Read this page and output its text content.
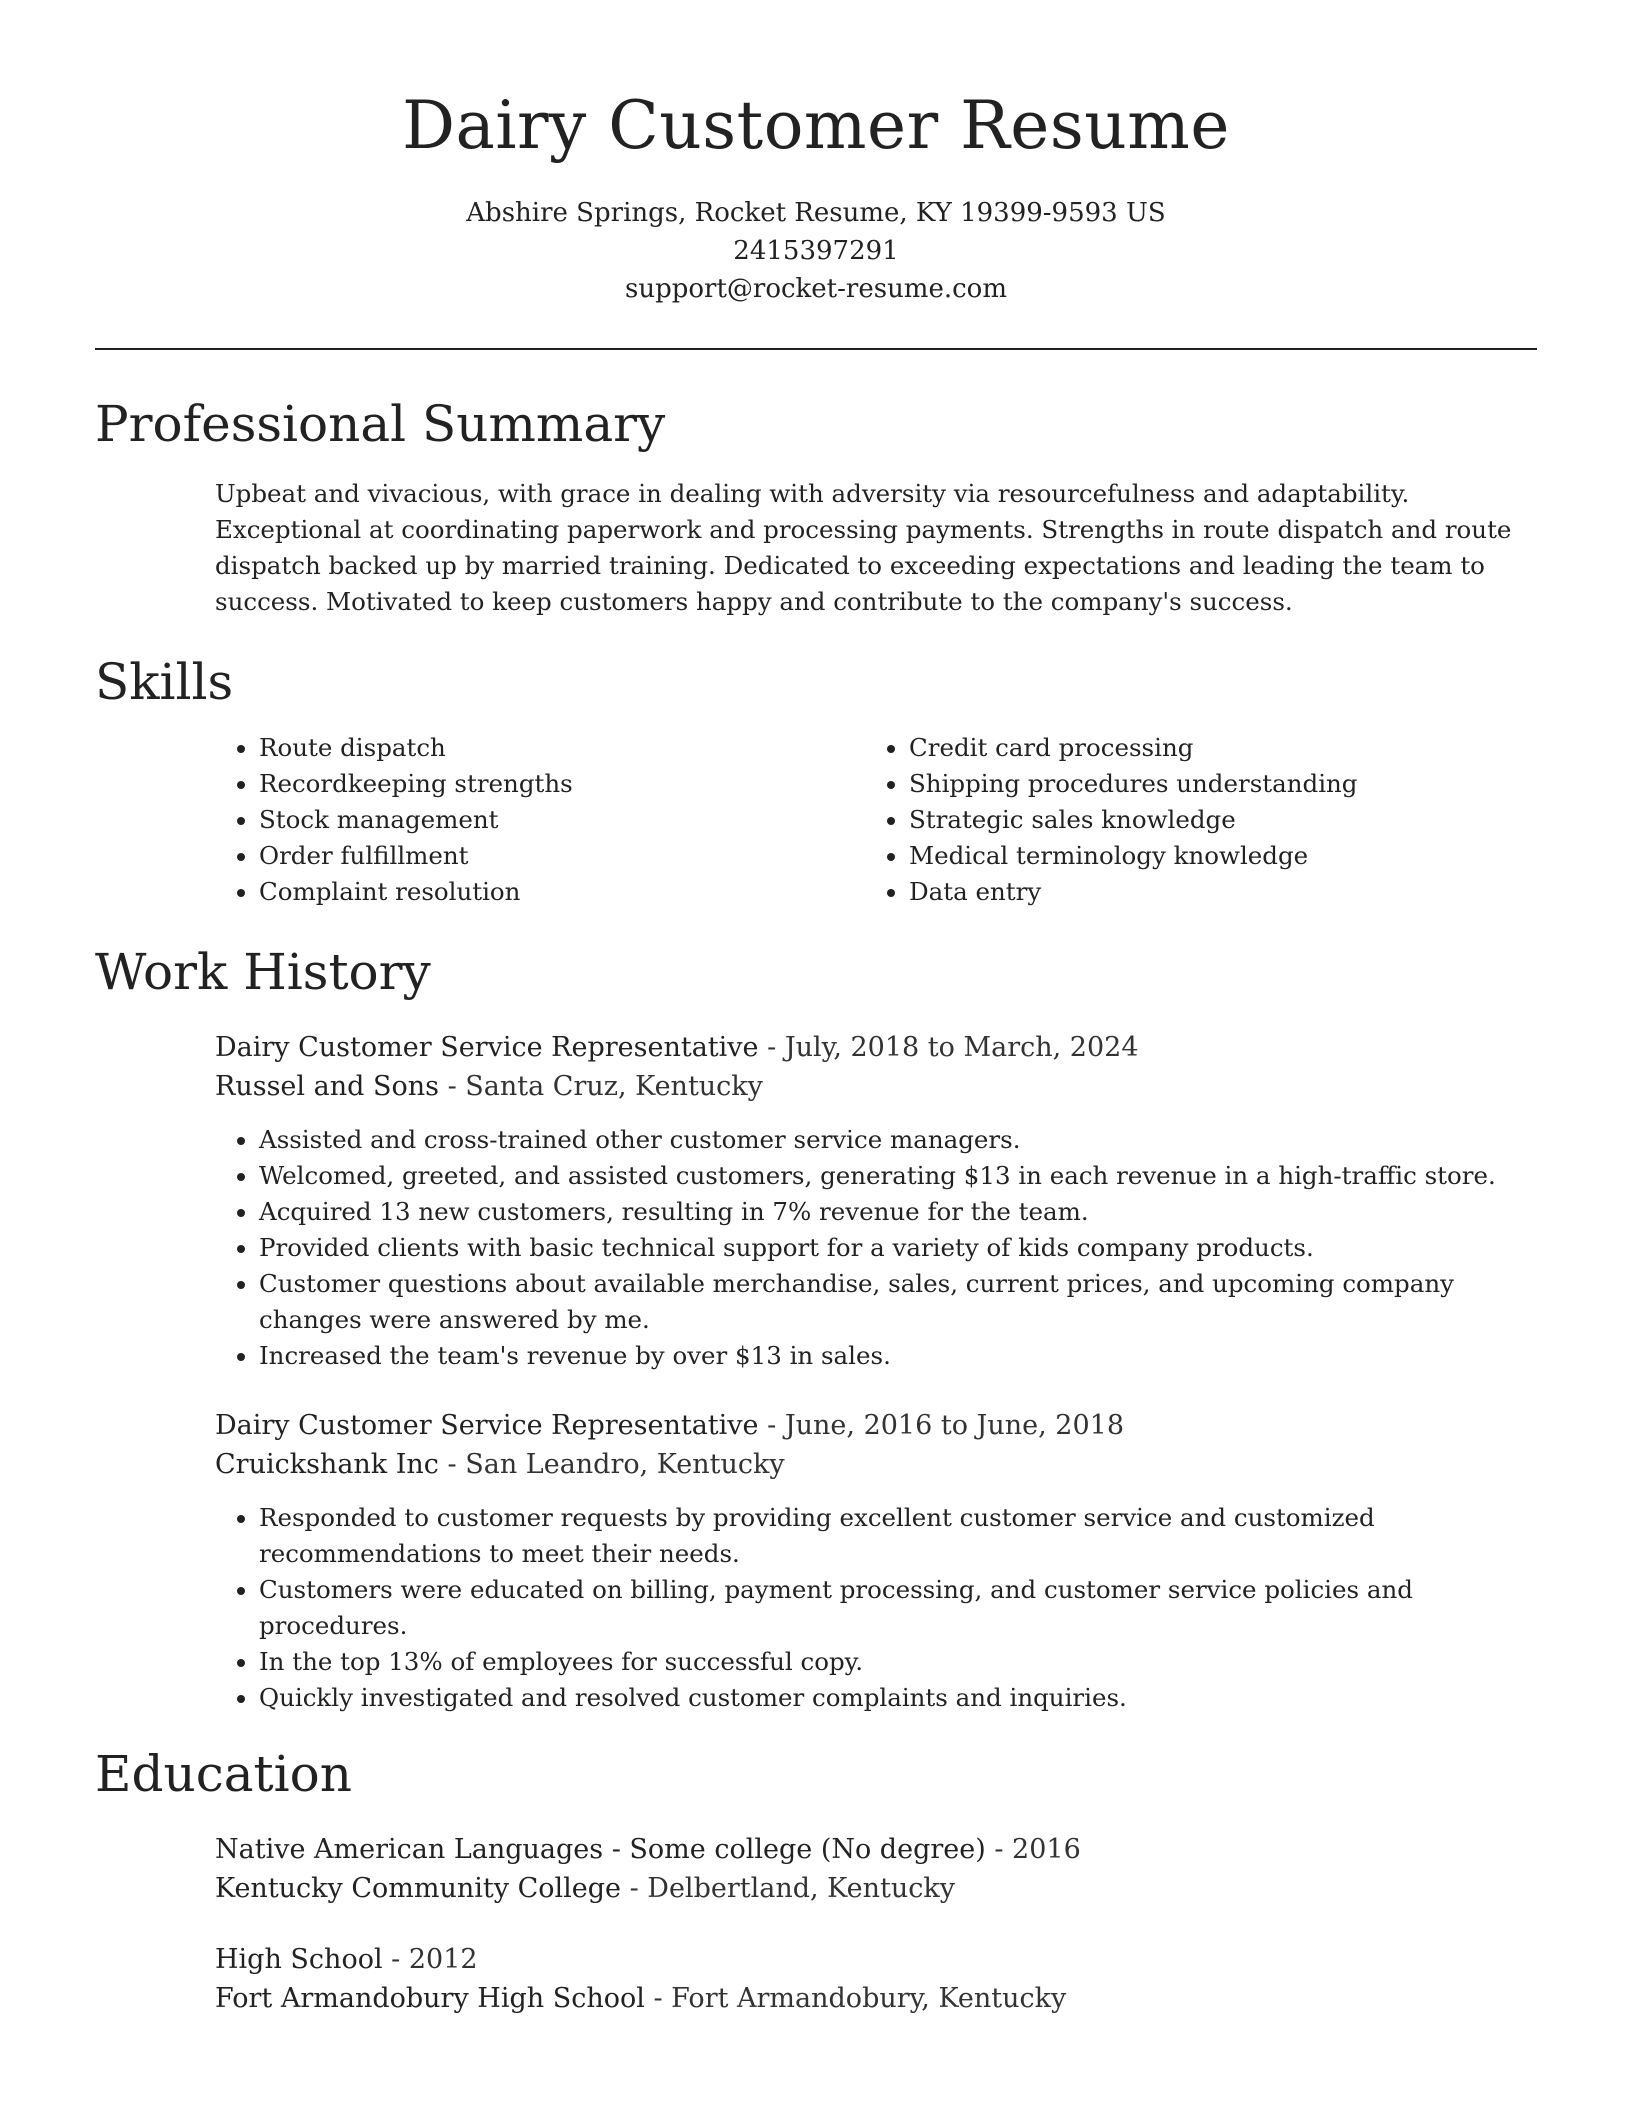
Dairy Customer Resume
Abshire Springs, Rocket Resume, KY 19399-9593 US
2415397291
support@rocket-resume.com
Professional Summary

Upbeat and vivacious, with grace in dealing with adversity via resourcefulness and adaptability. Exceptional at coordinating paperwork and processing payments. Strengths in route dispatch and route dispatch backed up by married training. Dedicated to exceeding expectations and leading the team to success. Motivated to keep customers happy and contribute to the company's success.

Skills
• Route dispatch
• Recordkeeping strengths
• Stock management
• Order fulfillment
• Complaint resolution
• Credit card processing
• Shipping procedures understanding
• Strategic sales knowledge
• Medical terminology knowledge
• Data entry
Work History
Dairy Customer Service Representative - July, 2018 to March, 2024
Russel and Sons - Santa Cruz, Kentucky
• Assisted and cross-trained other customer service managers.
• Welcomed, greeted, and assisted customers, generating $13 in each revenue in a high-traffic store.
• Acquired 13 new customers, resulting in 7% revenue for the team.
• Provided clients with basic technical support for a variety of kids company products.
• Customer questions about available merchandise, sales, current prices, and upcoming company changes were answered by me.
• Increased the team's revenue by over $13 in sales.
Dairy Customer Service Representative - June, 2016 to June, 2018
Cruickshank Inc - San Leandro, Kentucky
• Responded to customer requests by providing excellent customer service and customized recommendations to meet their needs.
• Customers were educated on billing, payment processing, and customer service policies and procedures.
• In the top 13% of employees for successful copy.
• Quickly investigated and resolved customer complaints and inquiries.
Education
Native American Languages - Some college (No degree) - 2016
Kentucky Community College - Delbertland, Kentucky
High School - 2012
Fort Armandobury High School - Fort Armandobury, Kentucky
